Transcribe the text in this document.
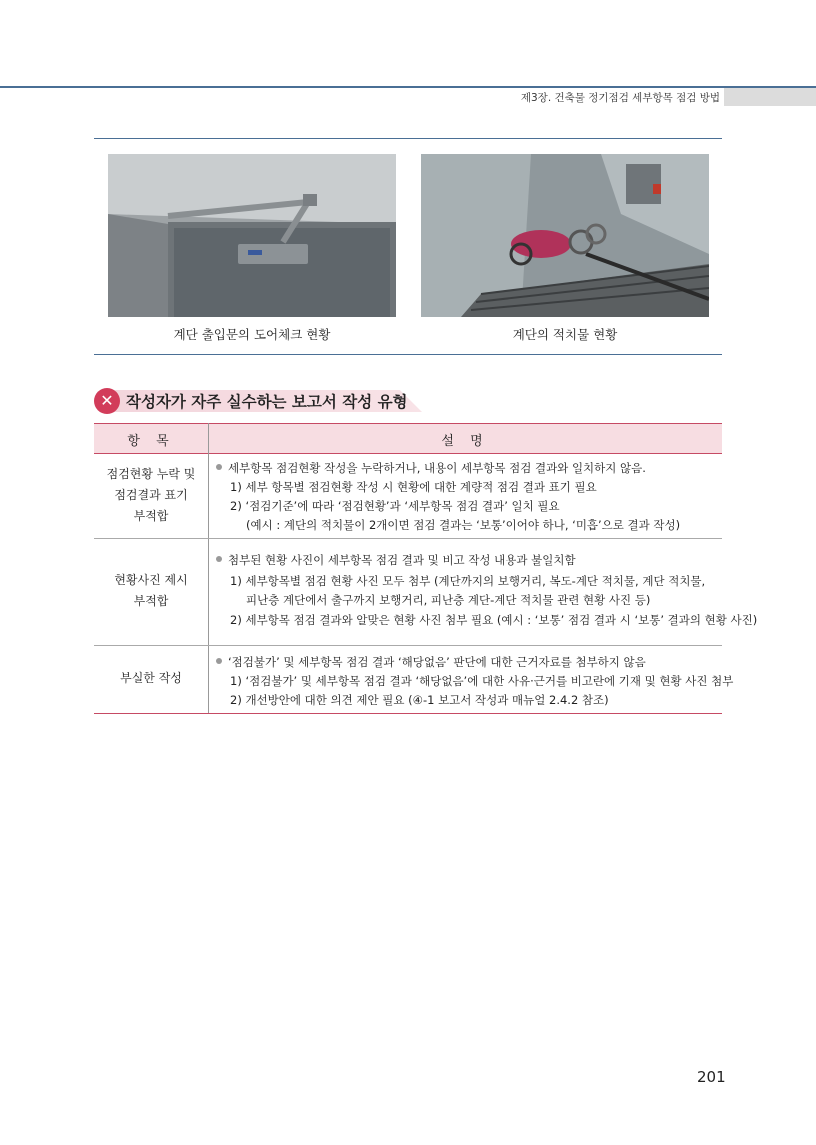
제3장. 건축물 정기점검 세부항목 점검 방법
계단 출입문의 도어체크 현황	계단의 적치물 현황
✕ 작성자가 자주 실수하는 보고서 작성 유형
항 목	설 명
점검현황 누락 및
점검결과 표기
부적합
세부항목 점검현황 작성을 누락하거나, 내용이 세부항목 점검 결과와 일치하지 않음.
1) 세부 항목별 점검현황 작성 시 현황에 대한 계량적 점검 결과 표기 필요
2) ‘점검기준’에 따라 ‘점검현황’과 ‘세부항목 점검 결과’ 일치 필요
(예시 : 계단의 적치물이 2개이면 점검 결과는 ‘보통’이어야 하나, ‘미흡’으로 결과 작성)
현황사진 제시
부적합
첨부된 현황 사진이 세부항목 점검 결과 및 비고 작성 내용과 불일치함
1) 세부항목별 점검 현황 사진 모두 첨부 (계단까지의 보행거리, 복도-계단 적치물, 계단 적치물,
피난층 계단에서 출구까지 보행거리, 피난층 계단-계단 적치물 관련 현황 사진 등)
2) 세부항목 점검 결과와 알맞은 현황 사진 첨부 필요 (예시 : ‘보통’ 점검 결과 시 ‘보통’ 결과의 현황 사진)
부실한 작성
‘점검불가’ 및 세부항목 점검 결과 ‘해당없음’ 판단에 대한 근거자료를 첨부하지 않음
1) ‘점검불가’ 및 세부항목 점검 결과 ‘해당없음’에 대한 사유·근거를 비고란에 기재 및 현황 사진 첨부
2) 개선방안에 대한 의견 제안 필요 (④-1 보고서 작성과 매뉴얼 2.4.2 참조)
201
